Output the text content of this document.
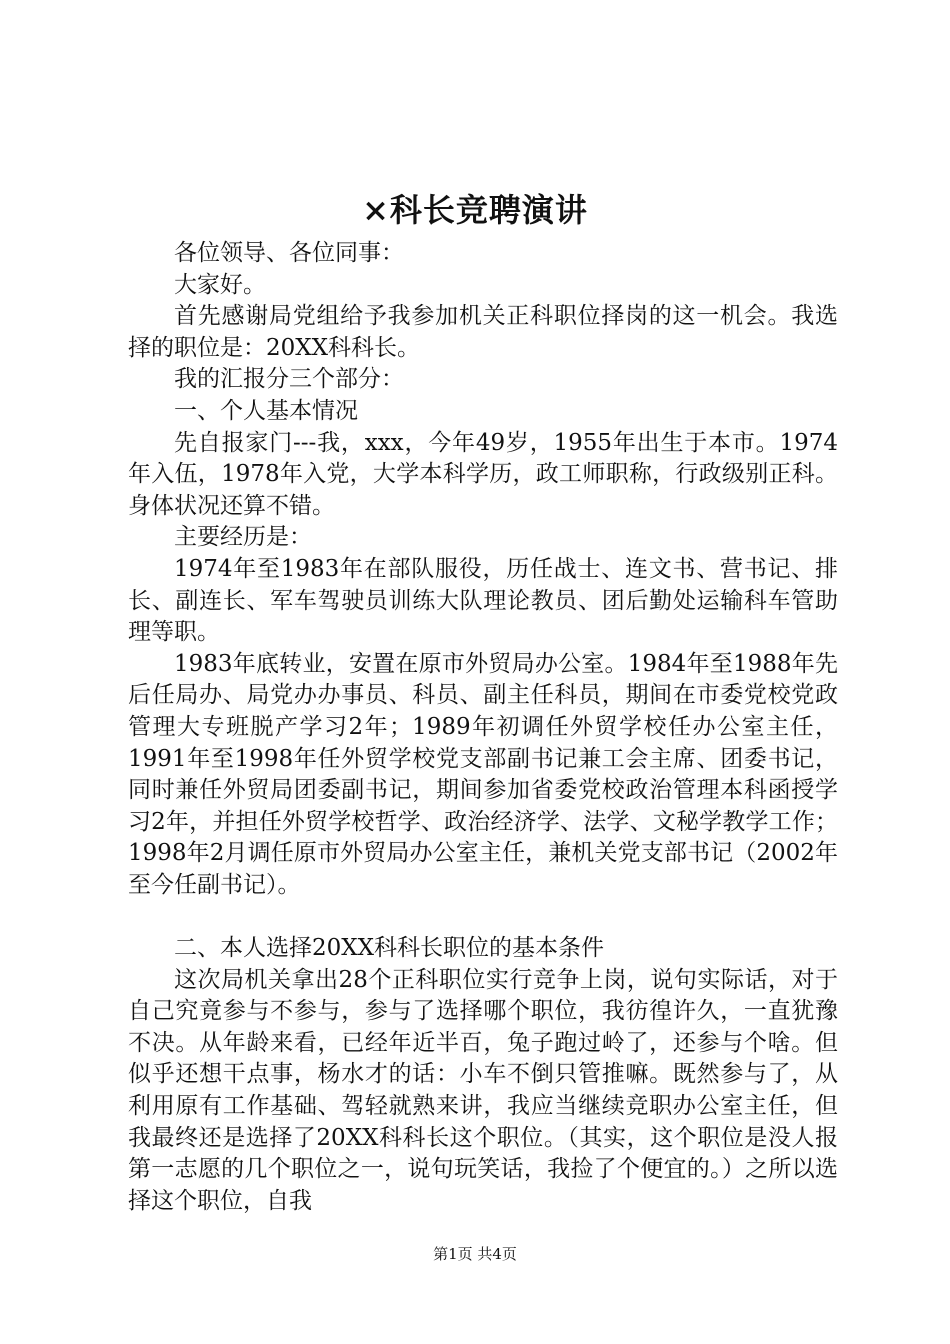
×科长竞聘演讲

各位领导、各位同事：

大家好。

首先感谢局党组给予我参加机关正科职位择岗的这一机会。我选择的职位是：20XX科科长。

我的汇报分三个部分：

一、个人基本情况

先自报家门---我，xxx，今年49岁，1955年出生于本市。1974年入伍，1978年入党，大学本科学历，政工师职称，行政级别正科。身体状况还算不错。

主要经历是：

1974年至1983年在部队服役，历任战士、连文书、营书记、排长、副连长、军车驾驶员训练大队理论教员、团后勤处运输科车管助理等职。

1983年底转业，安置在原市外贸局办公室。1984年至1988年先后任局办、局党办办事员、科员、副主任科员，期间在市委党校党政管理大专班脱产学习2年；1989年初调任外贸学校任办公室主任，1991年至1998年任外贸学校党支部副书记兼工会主席、团委书记，同时兼任外贸局团委副书记，期间参加省委党校政治管理本科函授学习2年，并担任外贸学校哲学、政治经济学、法学、文秘学教学工作；1998年2月调任原市外贸局办公室主任，兼机关党支部书记（2002年至今任副书记）。

二、本人选择20XX科科长职位的基本条件

这次局机关拿出28个正科职位实行竞争上岗，说句实际话，对于自己究竟参与不参与，参与了选择哪个职位，我彷徨许久，一直犹豫不决。从年龄来看，已经年近半百，兔子跑过岭了，还参与个啥。但似乎还想干点事，杨水才的话：小车不倒只管推嘛。既然参与了，从利用原有工作基础、驾轻就熟来讲，我应当继续竞职办公室主任，但我最终还是选择了20XX科科长这个职位。（其实，这个职位是没人报第一志愿的几个职位之一，说句玩笑话，我捡了个便宜的。）之所以选择这个职位，自我

第1页 共4页
